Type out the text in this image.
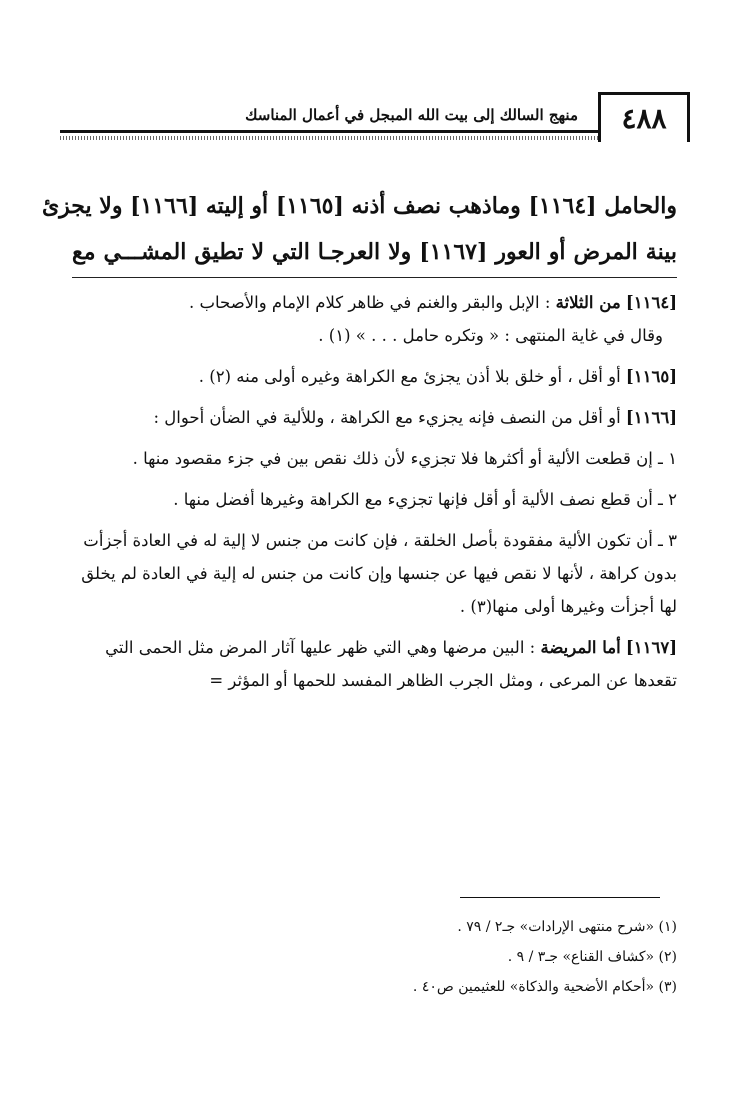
منهج السالك إلى بيت الله المبجل في أعمال المناسك	٤٨٨
والحامل [١١٦٤] وماذهب نصف أذنه [١١٦٥] أو إليته [١١٦٦] ولا يجزئ
بينة المرض أو العور [١١٦٧] ولا العرجـا التي لا تطيق المشـــي مع

[١١٦٤] من الثلاثة : الإبل والبقر والغنم في ظاهر كلام الإمام والأصحاب .
وقال في غاية المنتهى : « وتكره حامل . . . » (١) .

[١١٦٥] أو أقل ، أو خلق بلا أذن يجزئ مع الكراهة وغيره أولى منه (٢) .

[١١٦٦] أو أقل من النصف فإنه يجزيء مع الكراهة ، وللألية في الضأن أحوال :

١ ـ إن قطعت الألية أو أكثرها فلا تجزيء لأن ذلك نقص بين في جزء مقصود منها .

٢ ـ أن قطع نصف الألية أو أقل فإنها تجزيء مع الكراهة وغيرها أفضل منها .

٣ ـ أن تكون الألية مفقودة بأصل الخلقة ، فإن كانت من جنس لا إلية له في العادة أجزأت بدون كراهة ، لأنها لا نقص فيها عن جنسها وإن كانت من جنس له إلية في العادة لم يخلق لها أجزأت وغيرها أولى منها(٣) .

[١١٦٧] أما المريضة : البين مرضها وهي التي ظهر عليها آثار المرض مثل الحمى التي تقعدها عن المرعى ، ومثل الجرب الظاهر المفسد للحمها أو المؤثر =

(١) «شرح منتهى الإرادات» جـ٢ / ٧٩ .
(٢) «كشاف القناع» جـ٣ / ٩ .
(٣) «أحكام الأضحية والذكاة» للعثيمين ص٤٠ .
